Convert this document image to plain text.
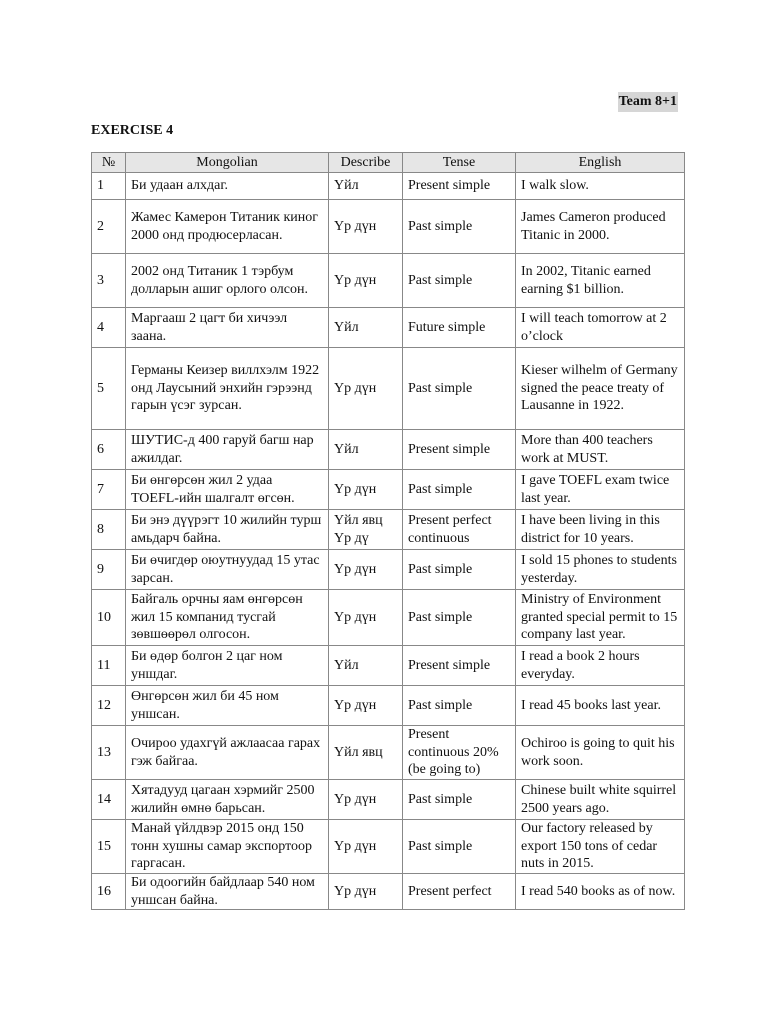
Team 8+1
EXERCISE 4
№	Mongolian	Describe	Tense	English
1	Би удаан алхдаг.	Үйл	Present simple	I walk slow.
2	Жамес Камерон Титаник киног 2000 онд продюсерласан.	Үр дүн	Past simple	James Cameron produced Titanic in 2000.
3	2002 онд Титаник 1 тэрбум долларын ашиг орлого олсон.	Үр дүн	Past simple	In 2002, Titanic earned earning $1 billion.
4	Маргааш 2 цагт би хичээл заана.	Үйл	Future simple	I will teach tomorrow at 2 o’clock
5	Германы Кеизер виллхэлм 1922 онд Лаусыний энхийн гэрээнд гарын үсэг зурсан.	Үр дүн	Past simple	Kieser wilhelm of Germany signed the peace treaty of Lausanne in 1922.
6	ШУТИС-д 400 гаруй багш нар ажилдаг.	Үйл	Present simple	More than 400 teachers work at MUST.
7	Би өнгөрсөн жил 2 удаа TOEFL-ийн шалгалт өгсөн.	Үр дүн	Past simple	I gave TOEFL exam twice last year.
8	Би энэ дүүрэгт 10 жилийн турш амьдарч байна.	Үйл явц Үр дү	Present perfect continuous	I have been living in this district for 10 years.
9	Би өчигдөр оюутнуудад 15 утас зарсан.	Үр дүн	Past simple	I sold 15 phones to students yesterday.
10	Байгаль орчны яам өнгөрсөн жил 15 компанид тусгай зөвшөөрөл олгосон.	Үр дүн	Past simple	Ministry of Environment granted special permit to 15 company last year.
11	Би өдөр болгон 2 цаг ном уншдаг.	Үйл	Present simple	I read a book 2 hours everyday.
12	Өнгөрсөн жил би 45 ном уншсан.	Үр дүн	Past simple	I read 45 books last year.
13	Очироо удахгүй ажлаасаа гарах гэж байгаа.	Үйл явц	Present continuous 20% (be going to)	Ochiroo is going to quit his work soon.
14	Хятадууд цагаан хэрмийг 2500 жилийн өмнө барьсан.	Үр дүн	Past simple	Chinese built white squirrel 2500 years ago.
15	Манай үйлдвэр 2015 онд 150 тонн хушны самар экспортоор гаргасан.	Үр дүн	Past simple	Our factory released by export 150 tons of cedar nuts in 2015.
16	Би одоогийн байдлаар 540 ном уншсан байна.	Үр дүн	Present perfect	I read 540 books as of now.
